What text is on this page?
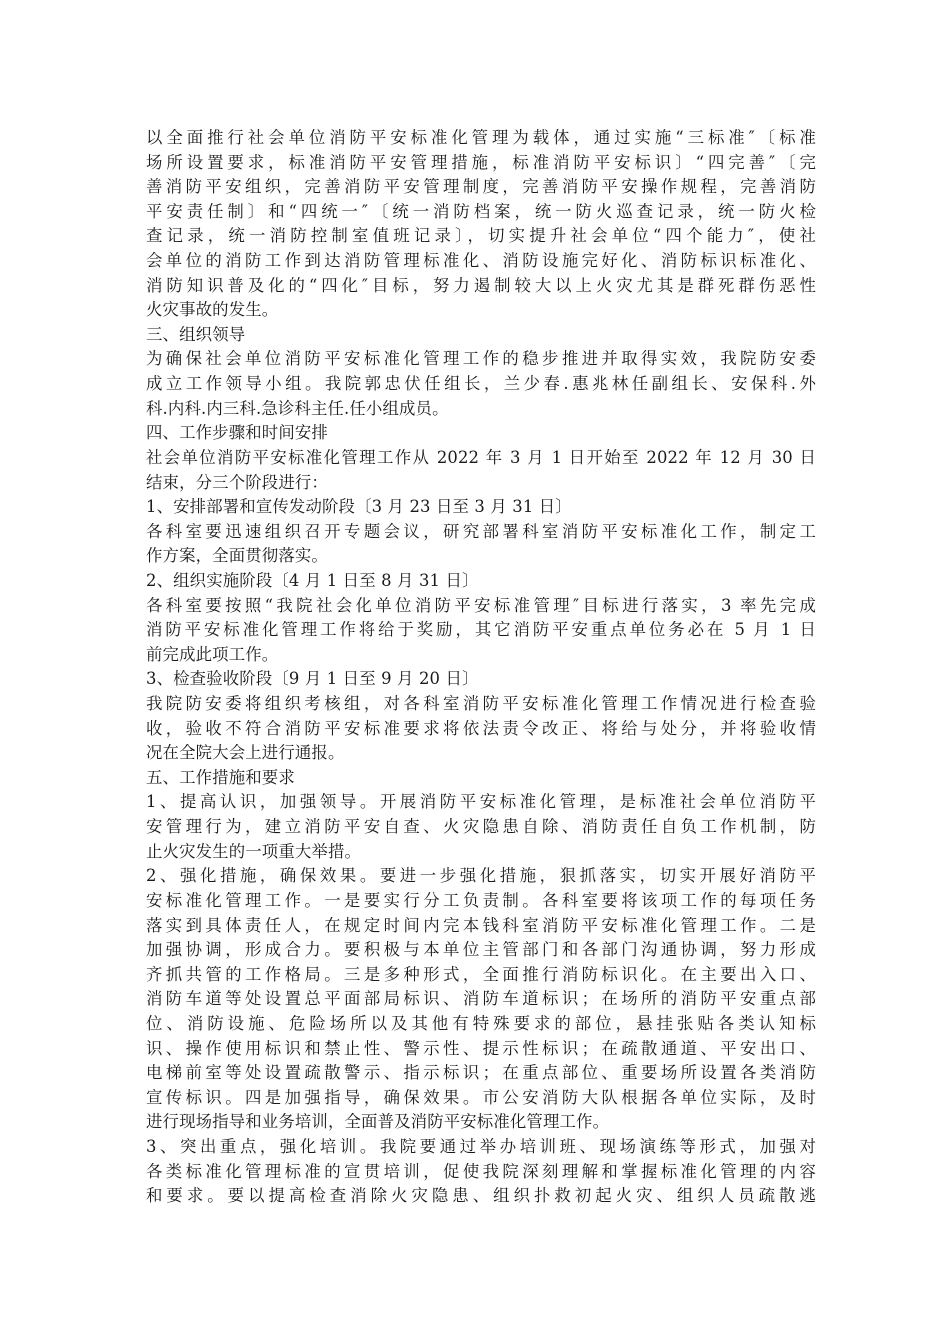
以全面推行社会单位消防平安标准化管理为载体，通过实施“三标准″〔标准
场所设置要求，标准消防平安管理措施，标准消防平安标识〕“四完善″〔完
善消防平安组织，完善消防平安管理制度，完善消防平安操作规程，完善消防
平安责任制〕和“四统一″〔统一消防档案，统一防火巡查记录，统一防火检
查记录，统一消防控制室值班记录〕，切实提升社会单位“四个能力″，使社
会单位的消防工作到达消防管理标准化、消防设施完好化、消防标识标准化、
消防知识普及化的“四化″目标，努力遏制较大以上火灾尤其是群死群伤恶性
火灾事故的发生。
三、组织领导
为确保社会单位消防平安标准化管理工作的稳步推进并取得实效，我院防安委
成立工作领导小组。我院郭忠伏任组长，兰少春.惠兆林任副组长、安保科.外
科.内科.内三科.急诊科主任.任小组成员。
四、工作步骤和时间安排
社会单位消防平安标准化管理工作从 2022 年 3 月 1 日开始至 2022 年 12 月 30 日
结束，分三个阶段进行：
1、安排部署和宣传发动阶段〔3 月 23 日至 3 月 31 日〕
各科室要迅速组织召开专题会议，研究部署科室消防平安标准化工作，制定工
作方案，全面贯彻落实。
2、组织实施阶段〔4 月 1 日至 8 月 31 日〕
各科室要按照“我院社会化单位消防平安标准管理″目标进行落实，3 率先完成
消防平安标准化管理工作将给于奖励，其它消防平安重点单位务必在 5 月 1 日
前完成此项工作。
3、检查验收阶段〔9 月 1 日至 9 月 20 日〕
我院防安委将组织考核组，对各科室消防平安标准化管理工作情况进行检查验
收，验收不符合消防平安标准要求将依法责令改正、将给与处分，并将验收情
况在全院大会上进行通报。
五、工作措施和要求
1、提高认识，加强领导。开展消防平安标准化管理，是标准社会单位消防平
安管理行为，建立消防平安自查、火灾隐患自除、消防责任自负工作机制，防
止火灾发生的一项重大举措。
2、强化措施，确保效果。要进一步强化措施，狠抓落实，切实开展好消防平
安标准化管理工作。一是要实行分工负责制。各科室要将该项工作的每项任务
落实到具体责任人，在规定时间内完本钱科室消防平安标准化管理工作。二是
加强协调，形成合力。要积极与本单位主管部门和各部门沟通协调，努力形成
齐抓共管的工作格局。三是多种形式，全面推行消防标识化。在主要出入口、
消防车道等处设置总平面部局标识、消防车道标识；在场所的消防平安重点部
位、消防设施、危险场所以及其他有特殊要求的部位，悬挂张贴各类认知标
识、操作使用标识和禁止性、警示性、提示性标识；在疏散通道、平安出口、
电梯前室等处设置疏散警示、指示标识；在重点部位、重要场所设置各类消防
宣传标识。四是加强指导，确保效果。市公安消防大队根据各单位实际，及时
进行现场指导和业务培训，全面普及消防平安标准化管理工作。
3、突出重点，强化培训。我院要通过举办培训班、现场演练等形式，加强对
各类标准化管理标准的宣贯培训，促使我院深刻理解和掌握标准化管理的内容
和要求。要以提高检查消除火灾隐患、组织扑救初起火灾、组织人员疏散逃
